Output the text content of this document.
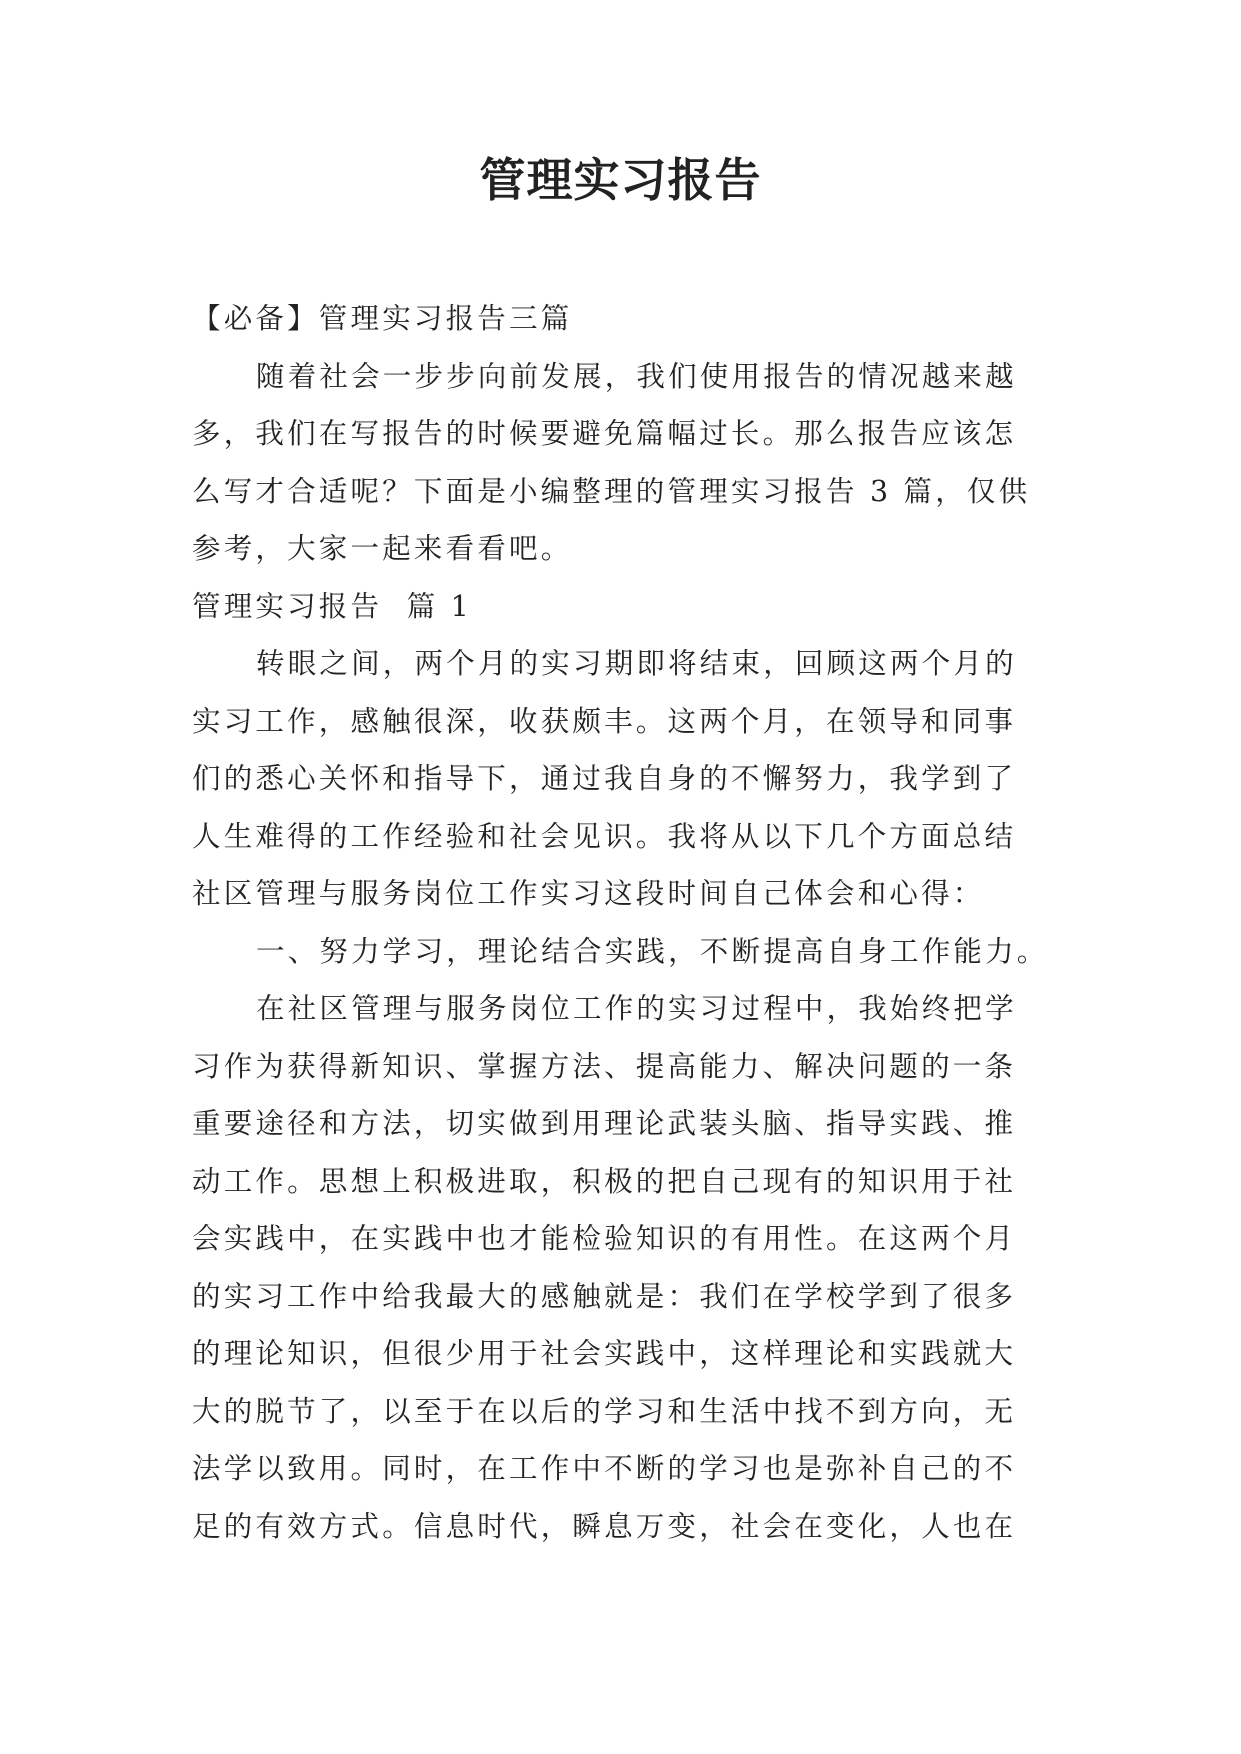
管理实习报告

【必备】管理实习报告三篇

随着社会一步步向前发展，我们使用报告的情况越来越

多，我们在写报告的时候要避免篇幅过长。那么报告应该怎

么写才合适呢？下面是小编整理的管理实习报告 3 篇，仅供

参考，大家一起来看看吧。

管理实习报告  篇 1

转眼之间，两个月的实习期即将结束，回顾这两个月的

实习工作，感触很深，收获颇丰。这两个月，在领导和同事

们的悉心关怀和指导下，通过我自身的不懈努力，我学到了

人生难得的工作经验和社会见识。我将从以下几个方面总结

社区管理与服务岗位工作实习这段时间自己体会和心得：

一、努力学习，理论结合实践，不断提高自身工作能力。

在社区管理与服务岗位工作的实习过程中，我始终把学

习作为获得新知识、掌握方法、提高能力、解决问题的一条

重要途径和方法，切实做到用理论武装头脑、指导实践、推

动工作。思想上积极进取，积极的把自己现有的知识用于社

会实践中，在实践中也才能检验知识的有用性。在这两个月

的实习工作中给我最大的感触就是：我们在学校学到了很多

的理论知识，但很少用于社会实践中，这样理论和实践就大

大的脱节了，以至于在以后的学习和生活中找不到方向，无

法学以致用。同时，在工作中不断的学习也是弥补自己的不

足的有效方式。信息时代，瞬息万变，社会在变化，人也在
